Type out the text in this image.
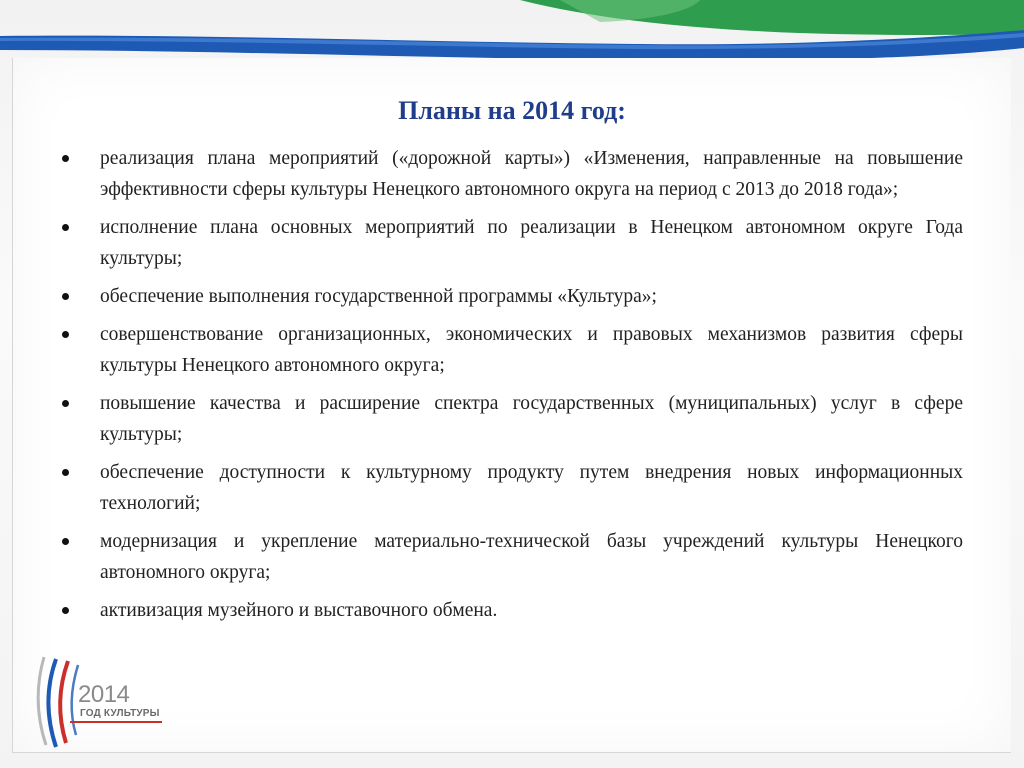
Планы на 2014 год:
реализация плана мероприятий («дорожной карты») «Изменения, направленные на повышение эффективности сферы культуры Ненецкого автономного округа на период с 2013 до 2018 года»;
исполнение плана основных мероприятий по реализации в Ненецком автономном округе Года культуры;
обеспечение выполнения государственной программы «Культура»;
совершенствование организационных, экономических и правовых механизмов развития сферы культуры Ненецкого автономного округа;
повышение качества и расширение спектра государственных (муниципальных) услуг в сфере культуры;
обеспечение доступности к культурному продукту путем внедрения новых информационных технологий;
модернизация и укрепление материально-технической базы учреждений культуры Ненецкого автономного округа;
активизация музейного и выставочного обмена.
2014
ГОД КУЛЬТУРЫ
